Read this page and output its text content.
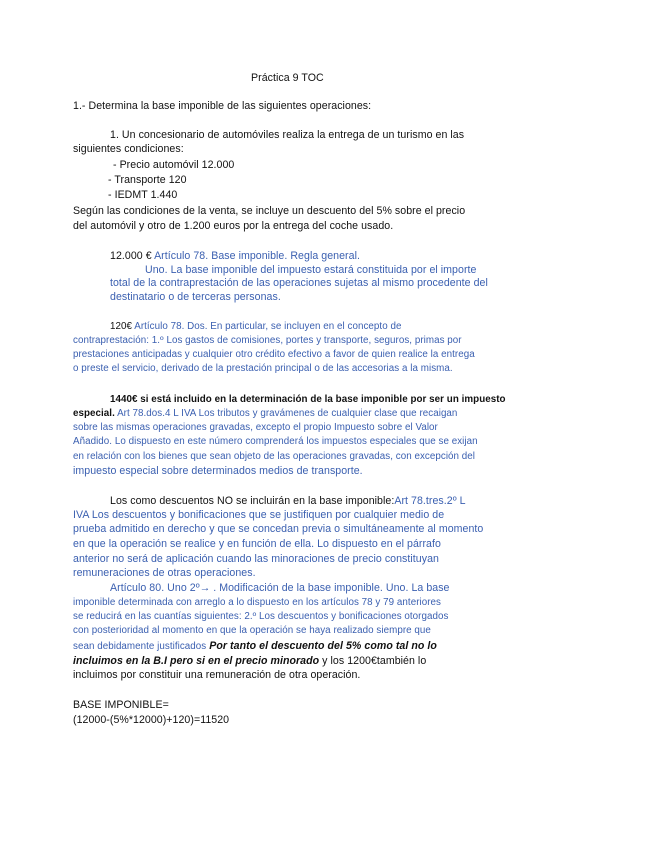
Práctica 9 TOC
1.- Determina la base imponible de las siguientes operaciones:
1. Un concesionario de automóviles realiza la entrega de un turismo en las
siguientes condiciones:
- Precio automóvil 12.000
- Transporte 120
- IEDMT 1.440
Según las condiciones de la venta, se incluye un descuento del 5% sobre el precio
del automóvil y otro de 1.200 euros por la entrega del coche usado.
12.000 € Artículo 78. Base imponible. Regla general.
Uno. La base imponible del impuesto estará constituida por el importe
total de la contraprestación de las operaciones sujetas al mismo procedente del
destinatario o de terceras personas.
120€ Artículo 78. Dos. En particular, se incluyen en el concepto de
contraprestación: 1.º Los gastos de comisiones, portes y transporte, seguros, primas por
prestaciones anticipadas y cualquier otro crédito efectivo a favor de quien realice la entrega
o preste el servicio, derivado de la prestación principal o de las accesorias a la misma.
1440€ si está incluido en la determinación de la base imponible por ser un impuesto
especial. Art 78.dos.4 L IVA Los tributos y gravámenes de cualquier clase que recaigan
sobre las mismas operaciones gravadas, excepto el propio Impuesto sobre el Valor
Añadido. Lo dispuesto en este número comprenderá los impuestos especiales que se exijan
en relación con los bienes que sean objeto de las operaciones gravadas, con excepción del
impuesto especial sobre determinados medios de transporte.
Los como descuentos NO se incluirán en la base imponible:Art 78.tres.2º L
IVA Los descuentos y bonificaciones que se justifiquen por cualquier medio de
prueba admitido en derecho y que se concedan previa o simultáneamente al momento
en que la operación se realice y en función de ella. Lo dispuesto en el párrafo
anterior no será de aplicación cuando las minoraciones de precio constituyan
remuneraciones de otras operaciones.
Artículo 80. Uno 2º→ . Modificación de la base imponible. Uno. La base
imponible determinada con arreglo a lo dispuesto en los artículos 78 y 79 anteriores
se reducirá en las cuantías siguientes: 2.º Los descuentos y bonificaciones otorgados
con posterioridad al momento en que la operación se haya realizado siempre que
sean debidamente justificados Por tanto el descuento del 5% como tal no lo
incluimos en la B.I pero si en el precio minorado y los 1200€también lo
incluimos por constituir una remuneración de otra operación.
BASE IMPONIBLE=
(12000-(5%*12000)+120)=11520
